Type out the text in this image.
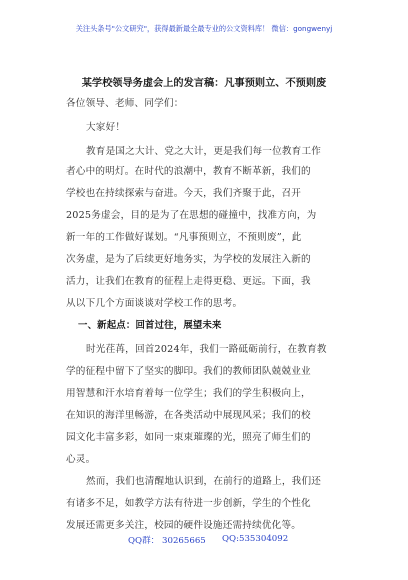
关注头条号"公文研究"，获得最新最全最专业的公文资料库！ 微信：gongwenyj
某学校领导务虚会上的发言稿：凡事预则立、不预则废
各位领导、老师、同学们：
大家好！
教育是国之大计、党之大计，更是我们每一位教育工作
者心中的明灯。在时代的浪潮中，教育不断革新，我们的
学校也在持续探索与奋进。今天，我们齐聚于此，召开
2025务虚会，目的是为了在思想的碰撞中，找准方向，为
新一年的工作做好谋划。“凡事预则立，不预则废”，此
次务虚，是为了后续更好地务实，为学校的发展注入新的
活力，让我们在教育的征程上走得更稳、更远。下面，我
从以下几个方面谈谈对学校工作的思考。
一、新起点：回首过往，展望未来
时光荏苒，回首2024年，我们一路砥砺前行，在教育教
学的征程中留下了坚实的脚印。我们的教师团队兢兢业业
用智慧和汗水培育着每一位学生；我们的学生积极向上，
在知识的海洋里畅游，在各类活动中展现风采；我们的校
园文化丰富多彩，如同一束束璀璨的光，照亮了师生们的
心灵。
然而，我们也清醒地认识到，在前行的道路上，我们还
有诸多不足，如教学方法有待进一步创新，学生的个性化
发展还需更多关注，校园的硬件设施还需持续优化等。
QQ群： 30265665 QQ:535304092
